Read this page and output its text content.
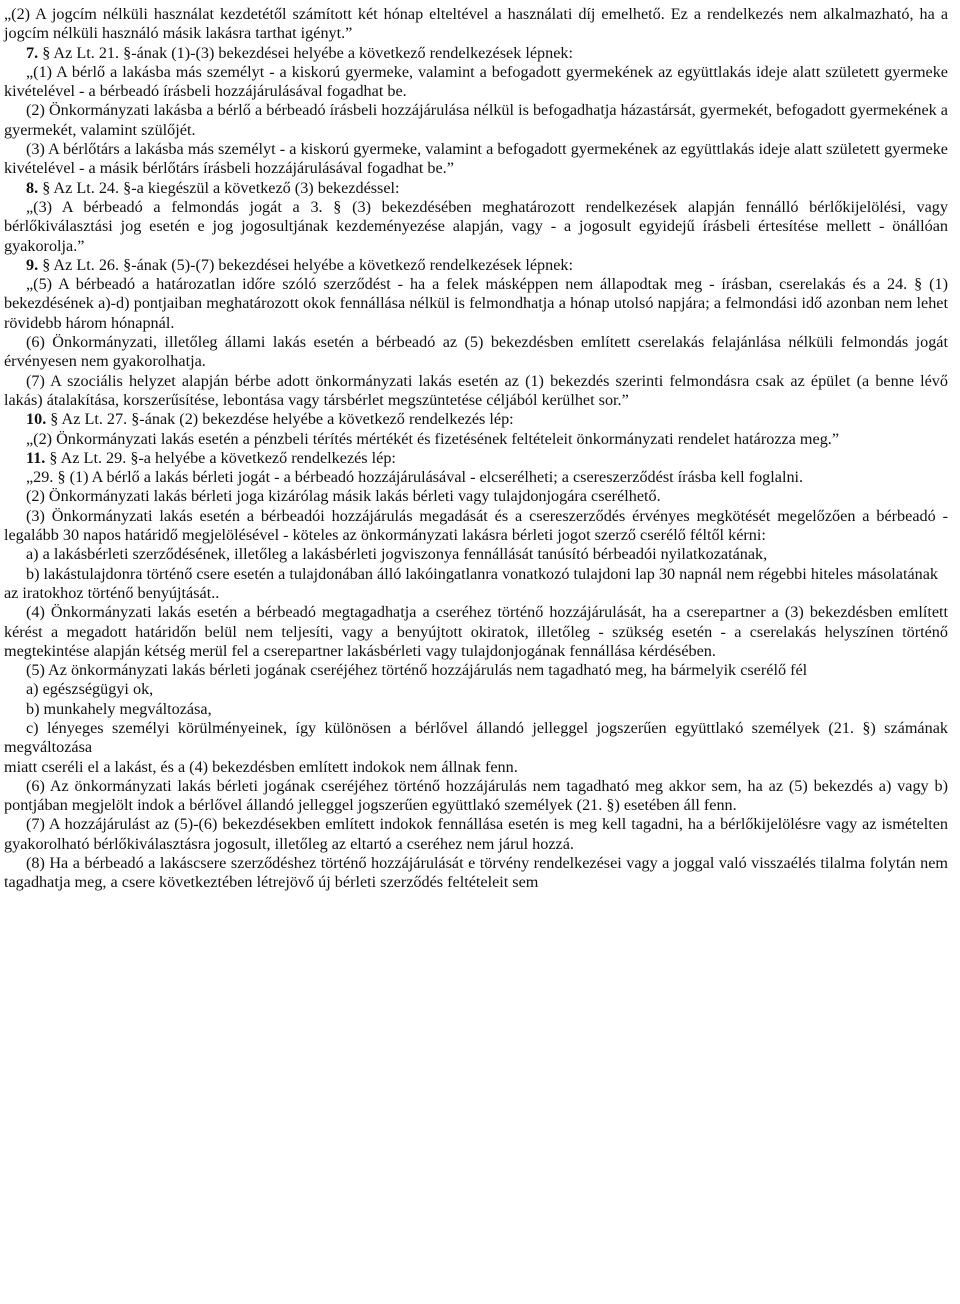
„(2) A jogcím nélküli használat kezdetétől számított két hónap elteltével a használati díj emelhető. Ez a rendelkezés nem alkalmazható, ha a jogcím nélküli használó másik lakásra tarthat igényt.”

7. § Az Lt. 21. §-ának (1)-(3) bekezdései helyébe a következő rendelkezések lépnek:

„(1) A bérlő a lakásba más személyt - a kiskorú gyermeke, valamint a befogadott gyermekének az együttlakás ideje alatt született gyermeke kivételével - a bérbeadó írásbeli hozzájárulásával fogadhat be.

(2) Önkormányzati lakásba a bérlő a bérbeadó írásbeli hozzájárulása nélkül is befogadhatja házastársát, gyermekét, befogadott gyermekének a gyermekét, valamint szülőjét.

(3) A bérlőtárs a lakásba más személyt - a kiskorú gyermeke, valamint a befogadott gyermekének az együttlakás ideje alatt született gyermeke kivételével - a másik bérlőtárs írásbeli hozzájárulásával fogadhat be.”

8. § Az Lt. 24. §-a kiegészül a következő (3) bekezdéssel:

„(3) A bérbeadó a felmondás jogát a 3. § (3) bekezdésében meghatározott rendelkezések alapján fennálló bérlőkijelölési, vagy bérlőkiválasztási jog esetén e jog jogosultjának kezdeményezése alapján, vagy - a jogosult egyidejű írásbeli értesítése mellett - önállóan gyakorolja.”

9. § Az Lt. 26. §-ának (5)-(7) bekezdései helyébe a következő rendelkezések lépnek:

„(5) A bérbeadó a határozatlan időre szóló szerződést - ha a felek másképpen nem állapodtak meg - írásban, cserelakás és a 24. § (1) bekezdésének a)-d) pontjaiban meghatározott okok fennállása nélkül is felmondhatja a hónap utolsó napjára; a felmondási idő azonban nem lehet rövidebb három hónapnál.

(6) Önkormányzati, illetőleg állami lakás esetén a bérbeadó az (5) bekezdésben említett cserelakás felajánlása nélküli felmondás jogát érvényesen nem gyakorolhatja.

(7) A szociális helyzet alapján bérbe adott önkormányzati lakás esetén az (1) bekezdés szerinti felmondásra csak az épület (a benne lévő lakás) átalakítása, korszerűsítése, lebontása vagy társbérlet megszüntetése céljából kerülhet sor.”

10. § Az Lt. 27. §-ának (2) bekezdése helyébe a következő rendelkezés lép:

„(2) Önkormányzati lakás esetén a pénzbeli térítés mértékét és fizetésének feltételeit önkormányzati rendelet határozza meg.”

11. § Az Lt. 29. §-a helyébe a következő rendelkezés lép:

„29. § (1) A bérlő a lakás bérleti jogát - a bérbeadó hozzájárulásával - elcserélheti; a csereszerződést írásba kell foglalni.

(2) Önkormányzati lakás bérleti joga kizárólag másik lakás bérleti vagy tulajdonjogára cserélhető.

(3) Önkormányzati lakás esetén a bérbeadói hozzájárulás megadását és a csereszerződés érvényes megkötését megelőzően a bérbeadó - legalább 30 napos határidő megjelölésével - köteles az önkormányzati lakásra bérleti jogot szerző cserélő féltől kérni:

a) a lakásbérleti szerződésének, illetőleg a lakásbérleti jogviszonya fennállását tanúsító bérbeadói nyilatkozatának,

b) lakástulajdonra történő csere esetén a tulajdonában álló lakóingatlanra vonatkozó tulajdoni lap 30 napnál nem régebbi hiteles másolatának

az iratokhoz történő benyújtását..

(4) Önkormányzati lakás esetén a bérbeadó megtagadhatja a cseréhez történő hozzájárulását, ha a cserepartner a (3) bekezdésben említett kérést a megadott határidőn belül nem teljesíti, vagy a benyújtott okiratok, illetőleg - szükség esetén - a cserelakás helyszínen történő megtekintése alapján kétség merül fel a cserepartner lakásbérleti vagy tulajdonjogának fennállása kérdésében.

(5) Az önkormányzati lakás bérleti jogának cseréjéhez történő hozzájárulás nem tagadható meg, ha bármelyik cserélő fél

a) egészségügyi ok,

b) munkahely megváltozása,

c) lényeges személyi körülményeinek, így különösen a bérlővel állandó jelleggel jogszerűen együttlakó személyek (21. §) számának megváltozása

miatt cseréli el a lakást, és a (4) bekezdésben említett indokok nem állnak fenn.

(6) Az önkormányzati lakás bérleti jogának cseréjéhez történő hozzájárulás nem tagadható meg akkor sem, ha az (5) bekezdés a) vagy b) pontjában megjelölt indok a bérlővel állandó jelleggel jogszerűen együttlakó személyek (21. §) esetében áll fenn.

(7) A hozzájárulást az (5)-(6) bekezdésekben említett indokok fennállása esetén is meg kell tagadni, ha a bérlőkijelölésre vagy az ismételten gyakorolható bérlőkiválasztásra jogosult, illetőleg az eltartó a cseréhez nem járul hozzá.

(8) Ha a bérbeadó a lakáscsere szerződéshez történő hozzájárulását e törvény rendelkezései vagy a joggal való visszaélés tilalma folytán nem tagadhatja meg, a csere következtében létrejövő új bérleti szerződés feltételeit sem
